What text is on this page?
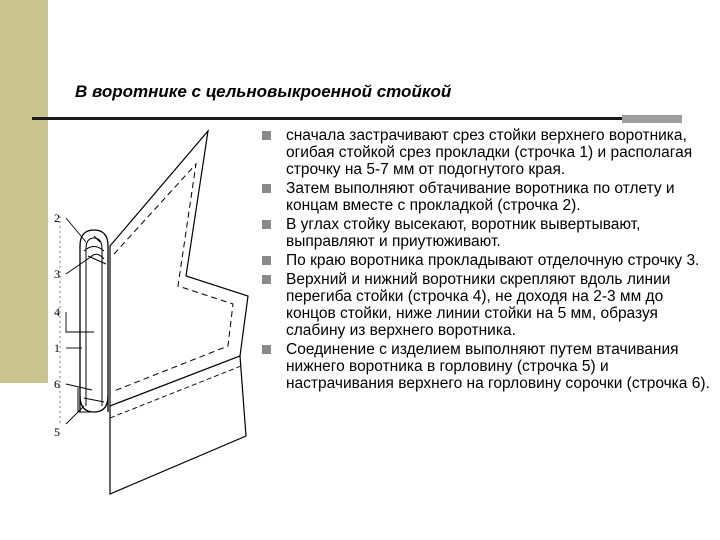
В воротнике с цельновыкроенной стойкой
2
3
4
1
6
5
сначала застрачивают срез стойки верхнего воротника, огибая стойкой срез прокладки (строчка 1) и располагая строчку на 5-7 мм от подогнутого края.
Затем выполняют обтачивание воротника по отлету и концам вместе с прокладкой (строчка 2).
В углах стойку высекают, воротник вывертывают, выправляют и приутюживают.
По краю воротника прокладывают отделочную строчку 3.
Верхний и нижний воротники скрепляют вдоль линии перегиба стойки (строчка 4), не доходя на 2-3 мм до концов стойки, ниже линии стойки на 5 мм, образуя слабину из верхнего воротника.
Соединение с изделием выполняют путем втачивания нижнего воротника в горловину (строчка 5) и настрачивания верхнего на горловину сорочки (строчка 6).
